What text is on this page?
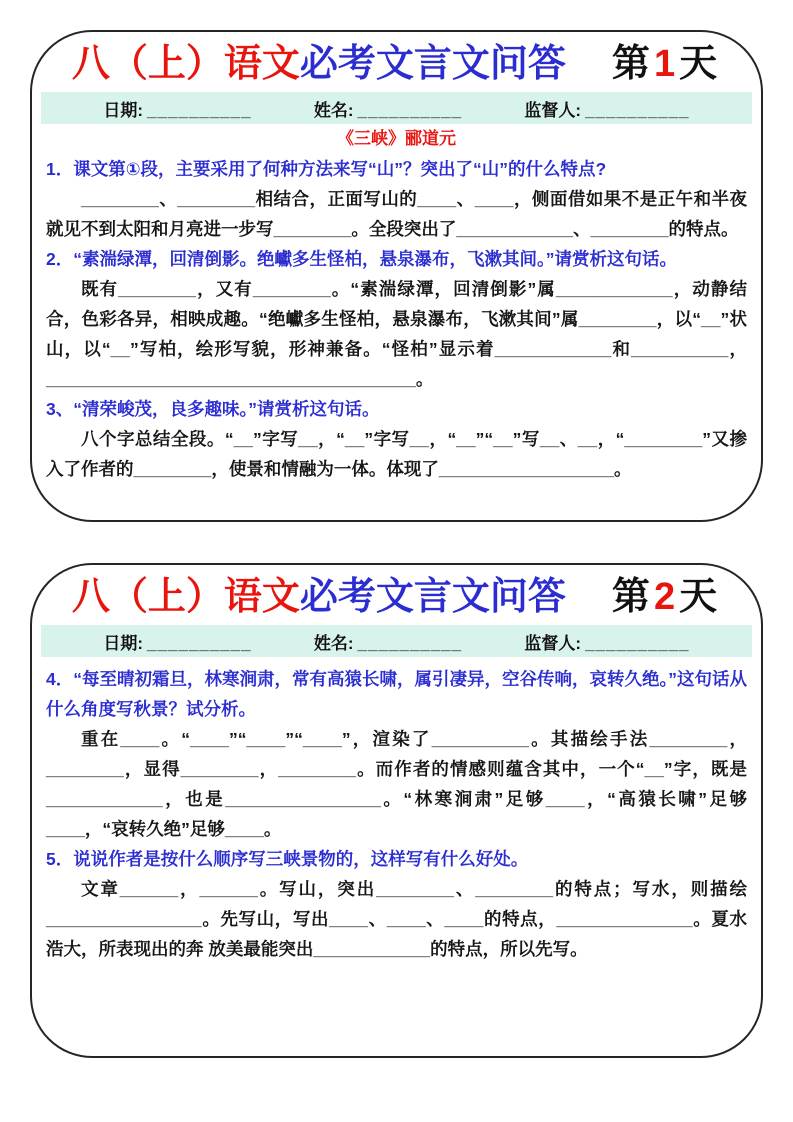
八（上）语文 必考文言文问答 第1天
日期: __________	姓名: __________	监督人: __________
《三峡》郦道元

1．课文第①段，主要采用了何种方法来写“山”？突出了“山”的什么特点?

________、________相结合，正面写山的____、____，侧面借如果不是正午和半夜就见不到太阳和月亮进一步写________。全段突出了____________、________的特点。

2．“素湍绿潭，回清倒影。绝巘多生怪柏，悬泉瀑布，飞漱其间。”请赏析这句话。

既有________，又有________。“素湍绿潭，回清倒影”属____________，动静结合，色彩各异，相映成趣。“绝巘多生怪柏，悬泉瀑布，飞漱其间”属________，以“__”状山，以“__”写柏，绘形写貌，形神兼备。“怪柏”显示着____________和__________，______________________________________。

3、“清荣峻茂，良多趣味。”请赏析这句话。

八个字总结全段。“__”字写__，“__”字写__，“__”“__”写__、__，“________”又掺入了作者的________，使景和情融为一体。体现了__________________。

八（上）语文 必考文言文问答 第2天
日期: __________	姓名: __________	监督人: __________

4．“每至晴初霜旦，林寒涧肃，常有高猿长啸，属引凄异，空谷传响，哀转久绝。”这句话从什么角度写秋景？试分析。

重在____。“____”“____”“____”，渲染了__________。其描绘手法________，________，显得________，________。而作者的情感则蕴含其中，一个“__”字，既是____________，也是________________。“林寒涧肃”足够____，“高猿长啸”足够____，“哀转久绝”足够____。

5．说说作者是按什么顺序写三峡景物的，这样写有什么好处。

文章______，______。写山，突出________、________的特点；写水，则描绘________________。先写山，写出____、____、____的特点，______________。夏水浩大，所表现出的奔 放美最能突出____________的特点，所以先写。
